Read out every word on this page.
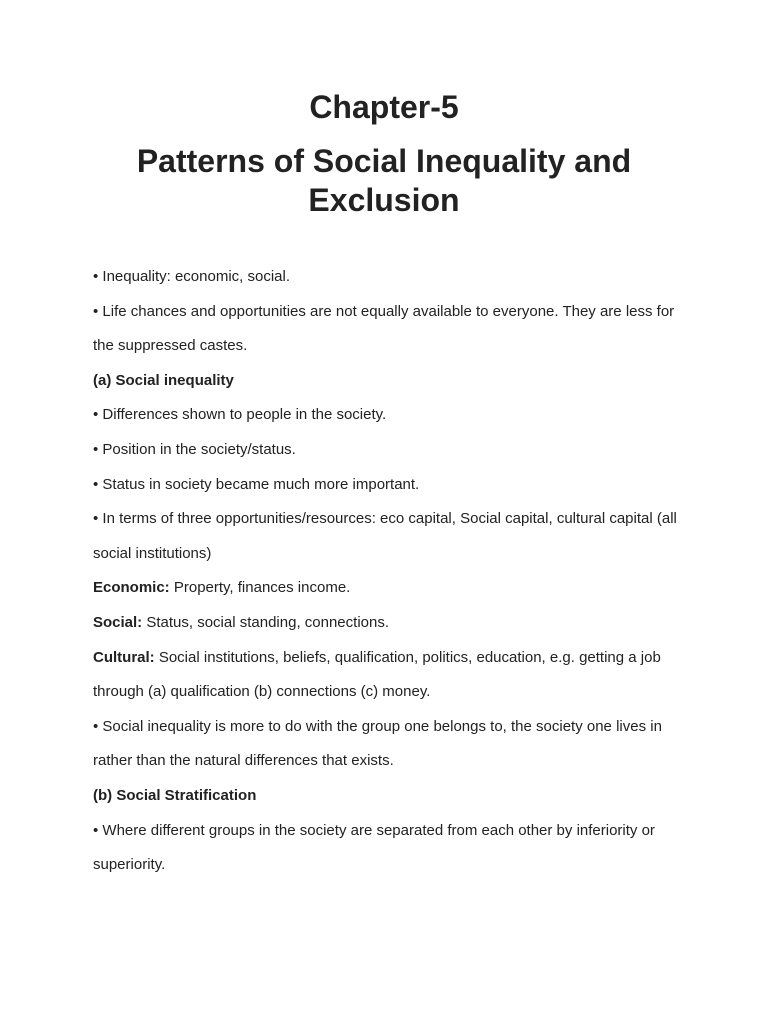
Chapter-5
Patterns of Social Inequality and Exclusion

• Inequality: economic, social.

• Life chances and opportunities are not equally available to everyone. They are less for the suppressed castes.

(a) Social inequality

• Differences shown to people in the society.

• Position in the society/status.

• Status in society became much more important.

• In terms of three opportunities/resources: eco capital, Social capital, cultural capital (all social institutions)

Economic: Property, finances income.

Social: Status, social standing, connections.

Cultural: Social institutions, beliefs, qualification, politics, education, e.g. getting a job through (a) qualification (b) connections (c) money.

• Social inequality is more to do with the group one belongs to, the society one lives in rather than the natural differences that exists.

(b) Social Stratification

• Where different groups in the society are separated from each other by inferiority or superiority.
